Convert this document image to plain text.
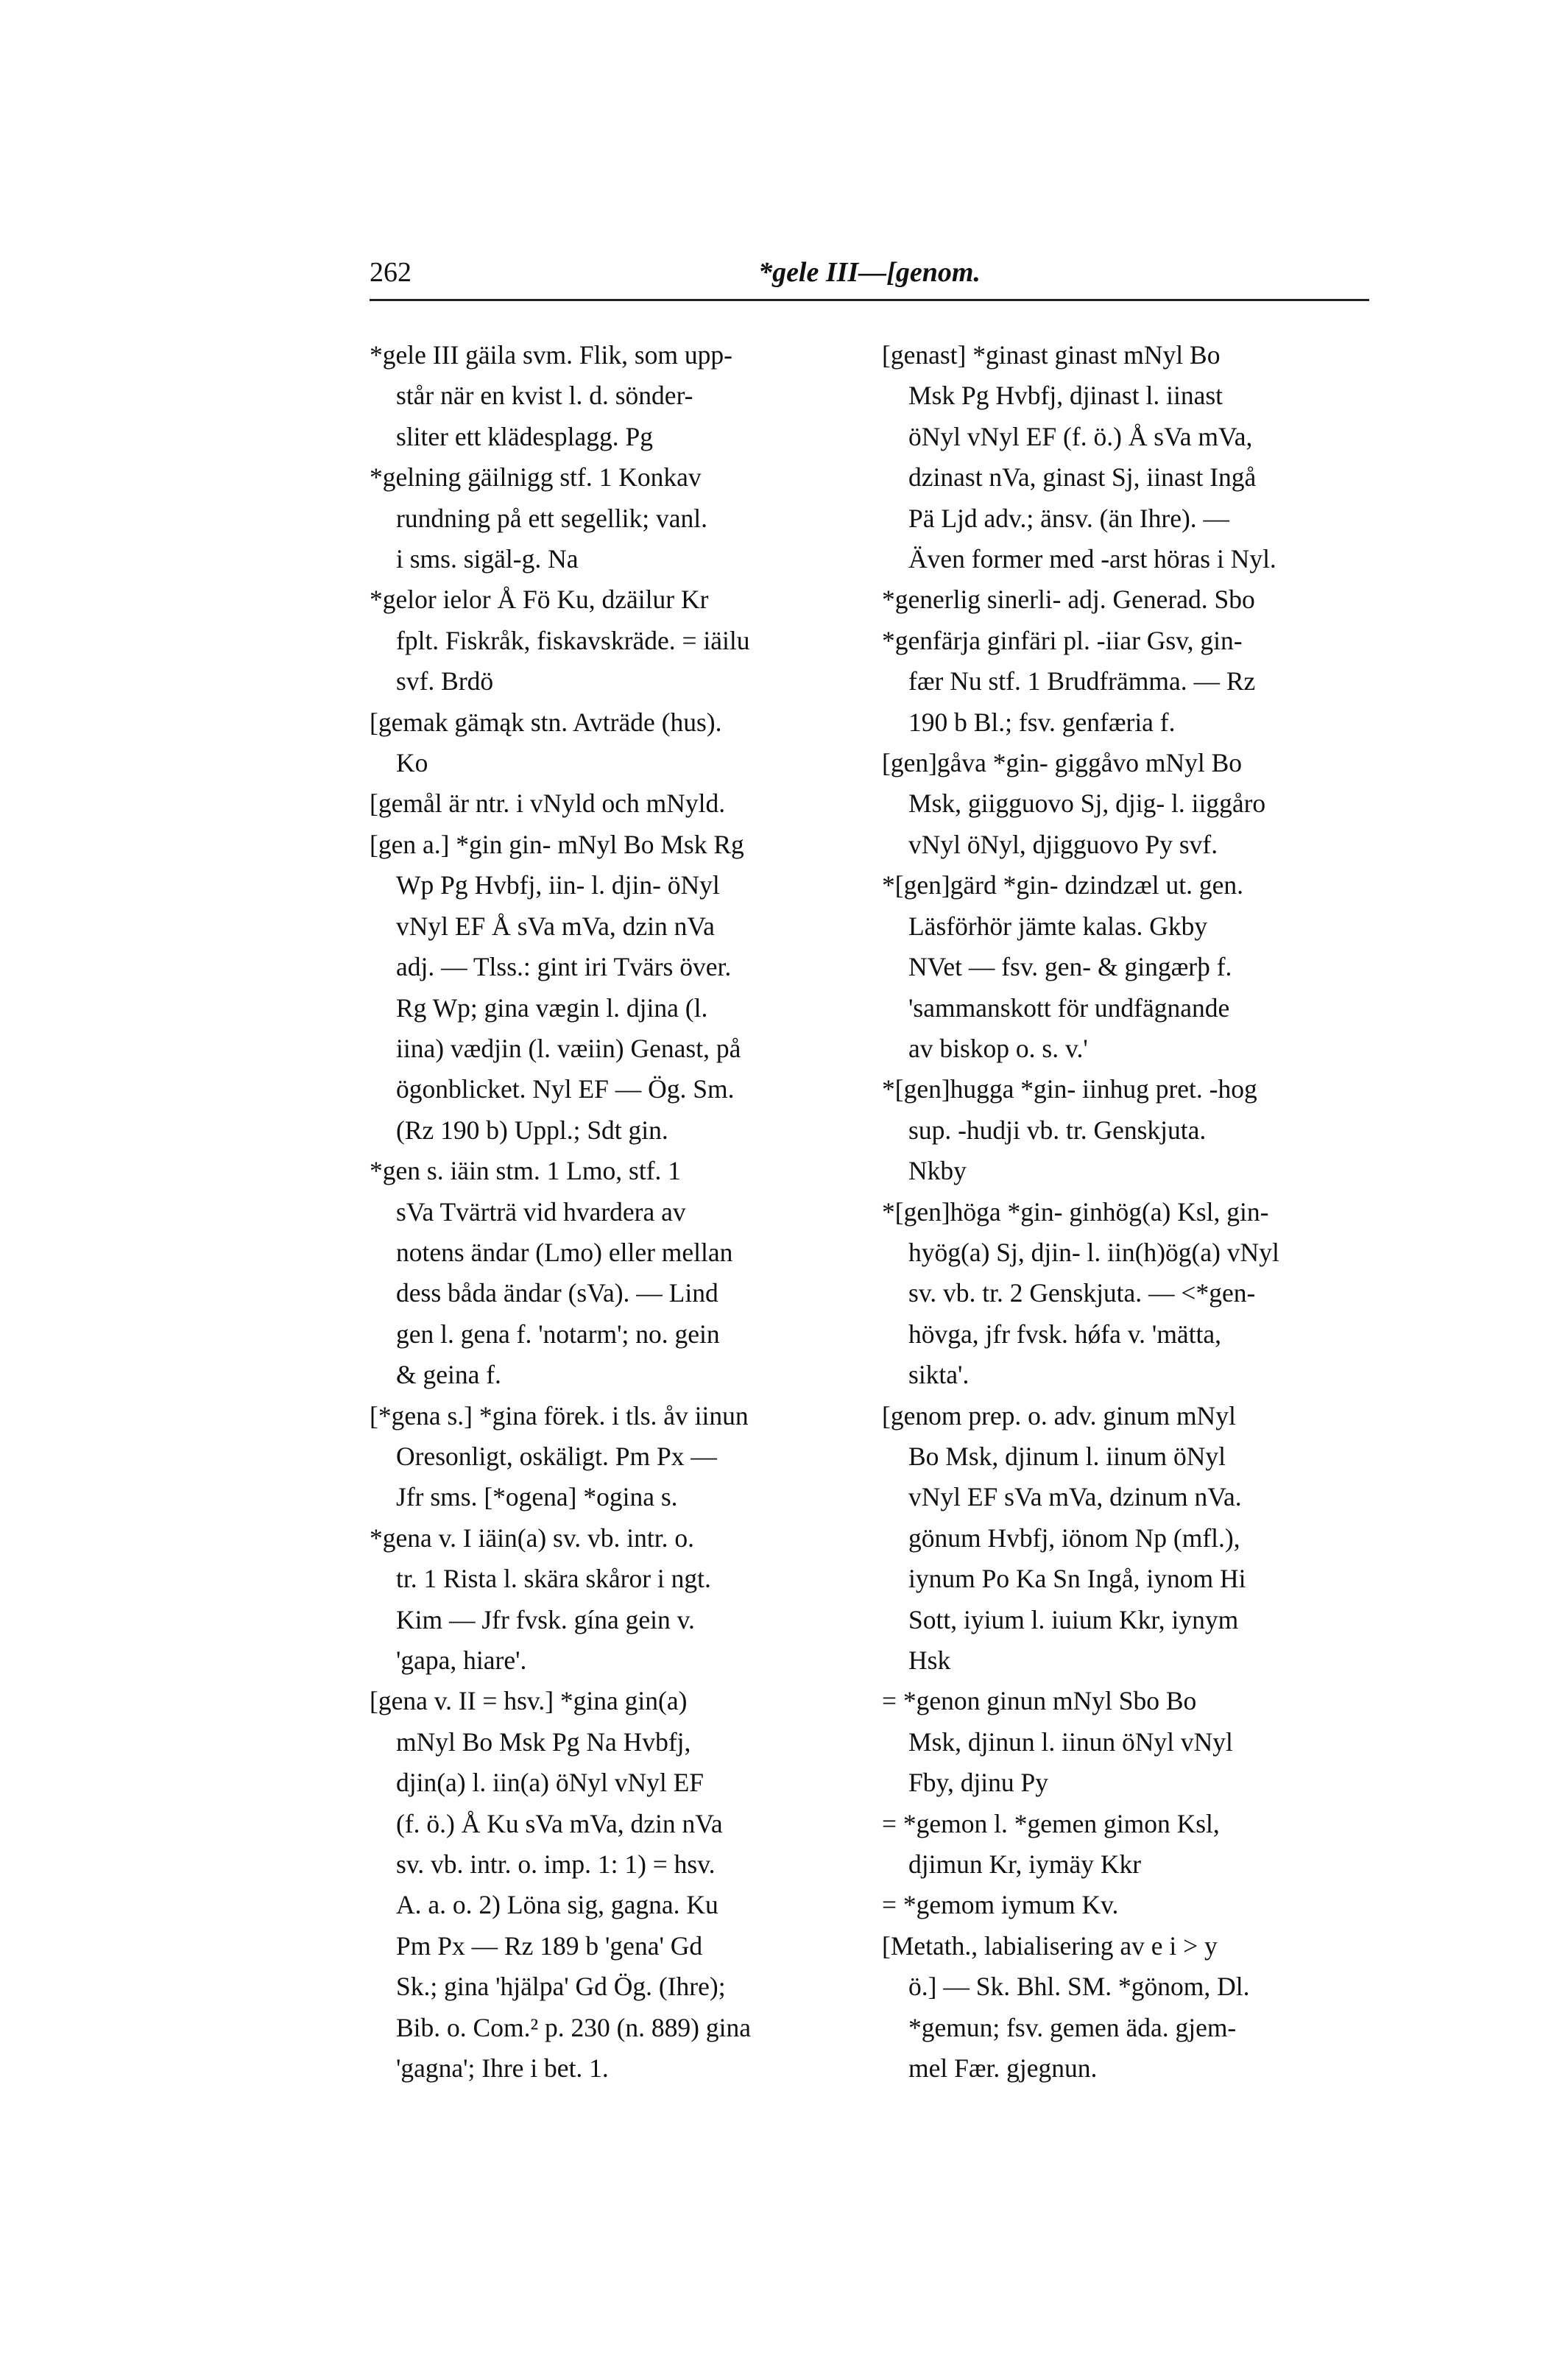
262	*gele III—[genom.
*gele III gäila svm. Flik, som upp-
står när en kvist l. d. sönder-
sliter ett klädesplagg. Pg
*gelning gäilnigg stf. 1 Konkav
rundning på ett segellik; vanl.
i sms. sigäl-g. Na
*gelor ielor Å Fö Ku, dzäilur Kr
fplt. Fiskråk, fiskavskräde. = iäilu
svf. Brdö
[gemak gämąk stn. Avträde (hus).
Ko
[gemål är ntr. i vNyld och mNyld.
[gen a.] *gin gin- mNyl Bo Msk Rg
Wp Pg Hvbfj, iin- l. djin- öNyl
vNyl EF Å sVa mVa, dzin nVa
adj. — Tlss.: gint iri Tvärs över.
Rg Wp; gina vægin l. djina (l.
iina) vædjin (l. væiin) Genast, på
ögonblicket. Nyl EF — Ög. Sm.
(Rz 190 b) Uppl.; Sdt gin.
*gen s. iäin stm. 1 Lmo, stf. 1
sVa Tvärträ vid hvardera av
notens ändar (Lmo) eller mellan
dess båda ändar (sVa). — Lind
gen l. gena f. 'notarm'; no. gein
& geina f.
[*gena s.] *gina förek. i tls. åv iinun
Oresonligt, oskäligt. Pm Px —
Jfr sms. [*ogena] *ogina s.
*gena v. I iäin(a) sv. vb. intr. o.
tr. 1 Rista l. skära skåror i ngt.
Kim — Jfr fvsk. gína gein v.
'gapa, hiare'.
[gena v. II = hsv.] *gina gin(a)
mNyl Bo Msk Pg Na Hvbfj,
djin(a) l. iin(a) öNyl vNyl EF
(f. ö.) Å Ku sVa mVa, dzin nVa
sv. vb. intr. o. imp. 1: 1) = hsv.
A. a. o. 2) Löna sig, gagna. Ku
Pm Px — Rz 189 b 'gena' Gd
Sk.; gina 'hjälpa' Gd Ög. (Ihre);
Bib. o. Com.² p. 230 (n. 889) gina
'gagna'; Ihre i bet. 1.
[genast] *ginast ginast mNyl Bo
Msk Pg Hvbfj, djinast l. iinast
öNyl vNyl EF (f. ö.) Å sVa mVa,
dzinast nVa, ginast Sj, iinast Ingå
Pä Ljd adv.; änsv. (än Ihre). —
Även former med -arst höras i Nyl.
*generlig sinerli- adj. Generad. Sbo
*genfärja ginfäri pl. -iiar Gsv, gin-
fær Nu stf. 1 Brudfrämma. — Rz
190 b Bl.; fsv. genfæria f.
[gen]gåva *gin- giggåvo mNyl Bo
Msk, giigguovo Sj, djig- l. iiggåro
vNyl öNyl, djigguovo Py svf.
*[gen]gärd *gin- dzindzæl ut. gen.
Läsförhör jämte kalas. Gkby
NVet — fsv. gen- & gingærþ f.
'sammanskott för undfägnande
av biskop o. s. v.'
*[gen]hugga *gin- iinhug pret. -hog
sup. -hudji vb. tr. Genskjuta.
Nkby
*[gen]höga *gin- ginhög(a) Ksl, gin-
hyög(a) Sj, djin- l. iin(h)ög(a) vNyl
sv. vb. tr. 2 Genskjuta. — <*gen-
hövga, jfr fvsk. hǿfa v. 'mätta,
sikta'.
[genom prep. o. adv. ginum mNyl
Bo Msk, djinum l. iinum öNyl
vNyl EF sVa mVa, dzinum nVa.
gönum Hvbfj, iönom Np (mfl.),
iynum Po Ka Sn Ingå, iynom Hi
Sott, iyium l. iuium Kkr, iynym
Hsk
= *genon ginun mNyl Sbo Bo
Msk, djinun l. iinun öNyl vNyl
Fby, djinu Py
= *gemon l. *gemen gimon Ksl,
djimun Kr, iymäy Kkr
= *gemom iymum Kv.
[Metath., labialisering av e i > y
ö.] — Sk. Bhl. SM. *gönom, Dl.
*gemun; fsv. gemen äda. gjem-
mel Fær. gjegnun.
